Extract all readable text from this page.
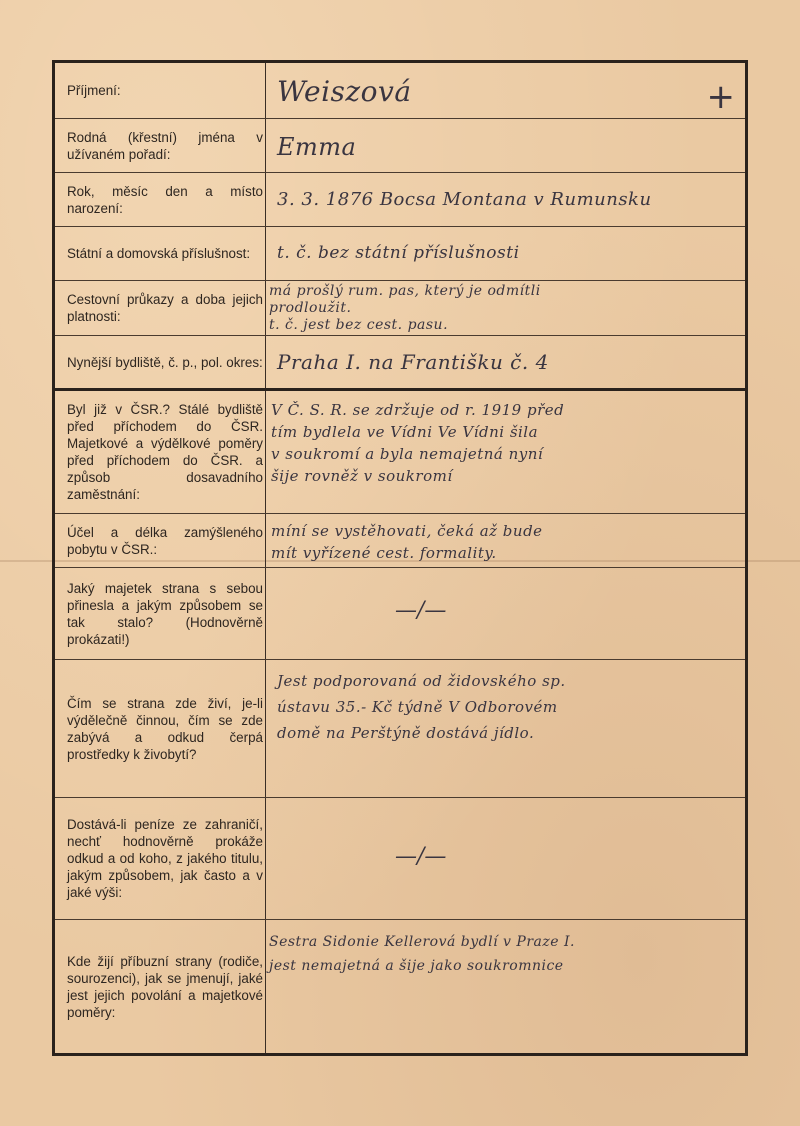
Příjmení:	Weiszová	+
Rodná (křestní) jména v užívaném pořadí:	Emma
Rok, měsíc den a místo narození:	3. 3. 1876 Bocsa Montana v Rumunsku
Státní a domovská příslušnost:	t. č. bez státní příslušnosti
Cestovní průkazy a doba jejich platnosti:
má prošlý rum. pas, který je odmítli
prodloužit.
t. č. jest bez cest. pasu.
Nynější bydliště, č. p., pol. okres: Praha I. na Františku č. 4
Byl již v ČSR.? Stálé bydliště před příchodem do ČSR. Majetkové a výdělkové poměry před příchodem do ČSR. a způsob dosavadního zaměstnání:
V Č. S. R. se zdržuje od r. 1919 před
tím bydlela ve Vídni Ve Vídni šila
v soukromí a byla nemajetná nyní
šije rovněž v soukromí
Účel a délka zamýšleného pobytu v ČSR.:
míní se vystěhovati, čeká až bude
mít vyřízené cest. formality.
Jaký majetek strana s sebou přinesla a jakým způsobem se tak stalo? (Hodnověrně prokázati!)
—/—
Čím se strana zde živí, je-li výdělečně činnou, čím se zde zabývá a odkud čerpá prostředky k živobytí?
Jest podporovaná od židovského sp.
ústavu 35.- Kč týdně V Odborovém
domě na Perštýně dostává jídlo.
Dostává-li peníze ze zahraničí, nechť hodnověrně prokáže odkud a od koho, z jakého titulu, jakým způsobem, jak často a v jaké výši:
—/—
Kde žijí příbuzní strany (rodiče, sourozenci), jak se jmenují, jaké jest jejich povolání a majetkové poměry:
Sestra Sidonie Kellerová bydlí v Praze I.
jest nemajetná a šije jako soukromnice
